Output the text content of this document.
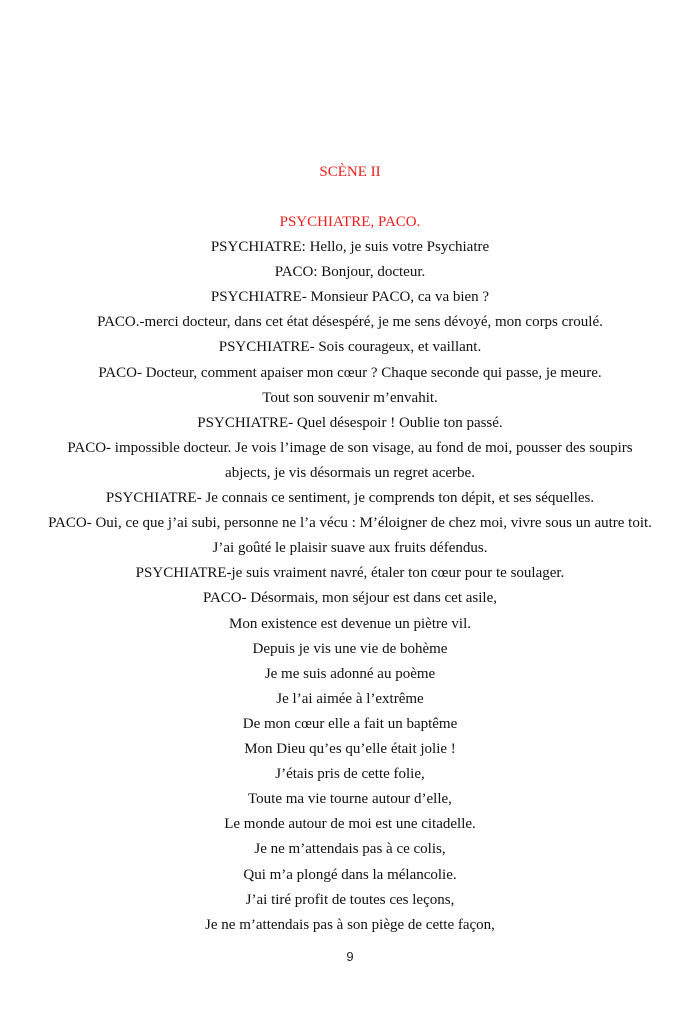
SCÈNE II
PSYCHIATRE, PACO.
PSYCHIATRE: Hello, je suis votre Psychiatre
PACO: Bonjour, docteur.
PSYCHIATRE- Monsieur PACO, ca va bien ?
PACO.-merci docteur, dans cet état désespéré, je me sens dévoyé, mon corps croulé.
PSYCHIATRE- Sois courageux, et vaillant.
PACO- Docteur, comment apaiser mon cœur ? Chaque seconde qui passe, je meure.
Tout son souvenir m’envahit.
PSYCHIATRE- Quel désespoir ! Oublie ton passé.
PACO- impossible docteur. Je vois l’image de son visage, au fond de moi, pousser des soupirs
abjects, je vis désormais un regret acerbe.
PSYCHIATRE- Je connais ce sentiment, je comprends ton dépit, et ses séquelles.
PACO- Oui, ce que j’ai subi, personne ne l’a vécu : M’éloigner de chez moi, vivre sous un autre toit.
J’ai goûté le plaisir suave aux fruits défendus.
PSYCHIATRE-je suis vraiment navré, étaler ton cœur pour te soulager.
PACO- Désormais, mon séjour est dans cet asile,
Mon existence est devenue un piètre vil.
Depuis je vis une vie de bohème
Je me suis adonné au poème
Je l’ai aimée à l’extrême
De mon cœur elle a fait un baptême
Mon Dieu qu’es qu’elle était jolie !
J’étais pris de cette folie,
Toute ma vie tourne autour d’elle,
Le monde autour de moi est une citadelle.
Je ne m’attendais pas à ce colis,
Qui m’a plongé dans la mélancolie.
J’ai tiré profit de toutes ces leçons,
Je ne m’attendais pas à son piège de cette façon,
9
